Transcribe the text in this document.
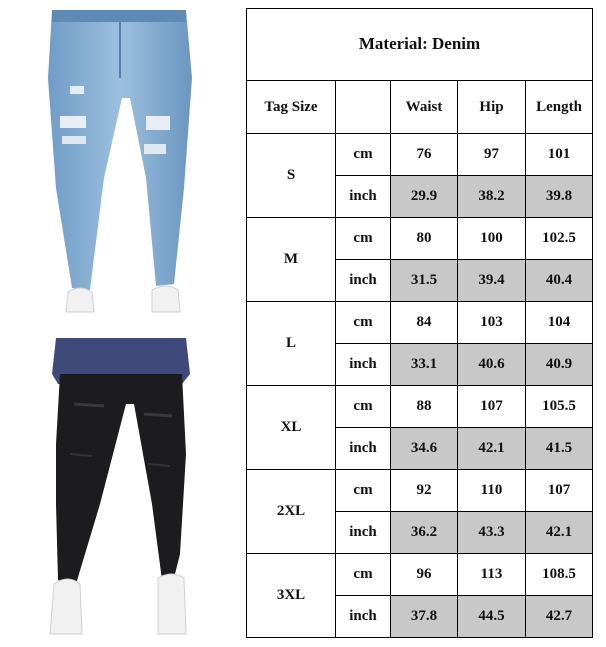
Material: Denim				
Tag Size		Waist	Hip	Length
S	cm	76	97	101
	inch	29.9	38.2	39.8
M	cm	80	100	102.5
	inch	31.5	39.4	40.4
L	cm	84	103	104
	inch	33.1	40.6	40.9
XL	cm	88	107	105.5
	inch	34.6	42.1	41.5
2XL	cm	92	110	107
	inch	36.2	43.3	42.1
3XL	cm	96	113	108.5
	inch	37.8	44.5	42.7
